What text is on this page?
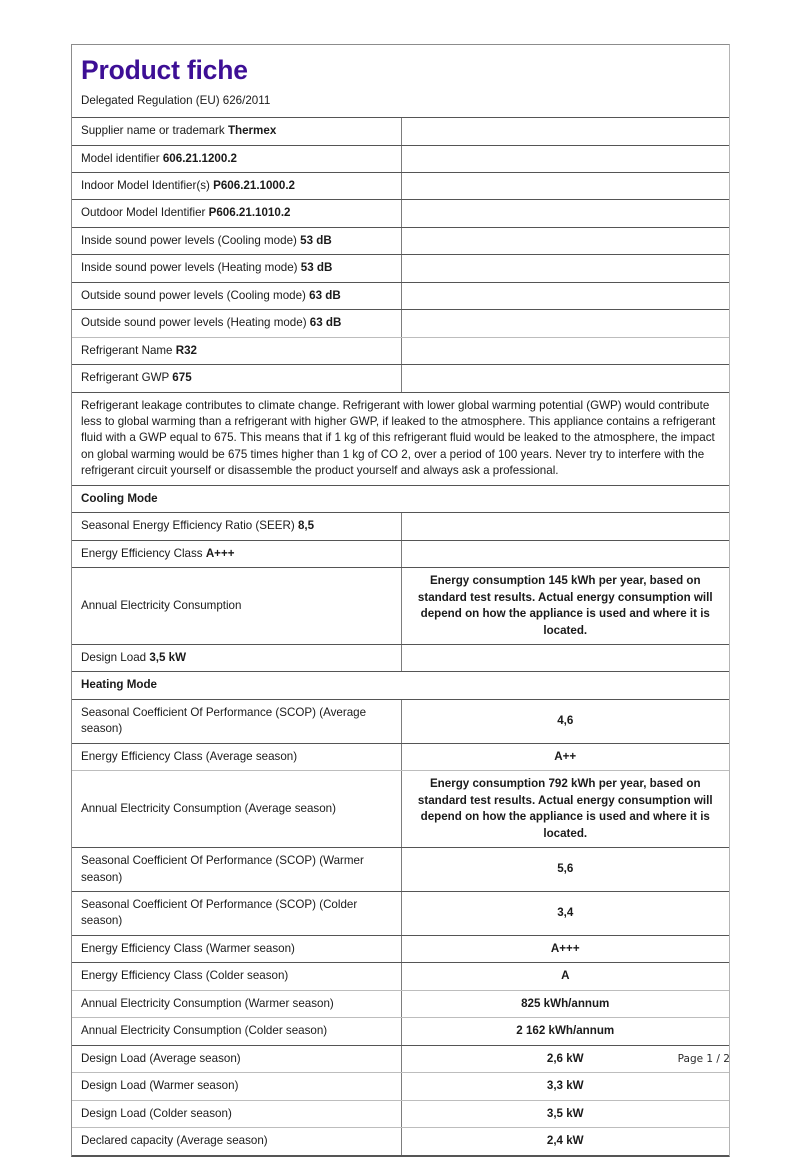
Product fiche

Delegated Regulation (EU) 626/2011

Supplier name or trademark Thermex	
Model identifier 606.21.1200.2	
Indoor Model Identifier(s) P606.21.1000.2	
Outdoor Model Identifier P606.21.1010.2	
Inside sound power levels (Cooling mode) 53 dB	
Inside sound power levels (Heating mode) 53 dB	
Outside sound power levels (Cooling mode) 63 dB	
Outside sound power levels (Heating mode) 63 dB	
Refrigerant Name R32	
Refrigerant GWP 675	
Refrigerant leakage contributes to climate change. Refrigerant with lower global warming potential (GWP) would contribute less to global warming than a refrigerant with higher GWP, if leaked to the atmosphere. This appliance contains a refrigerant fluid with a GWP equal to 675. This means that if 1 kg of this refrigerant fluid would be leaked to the atmosphere, the impact on global warming would be 675 times higher than 1 kg of CO 2, over a period of 100 years. Never try to interfere with the refrigerant circuit yourself or disassemble the product yourself and always ask a professional.	
Cooling Mode	
Seasonal Energy Efficiency Ratio (SEER) 8,5	
Energy Efficiency Class A+++	
Annual Electricity Consumption	Energy consumption 145 kWh per year, based on standard test results. Actual energy consumption will depend on how the appliance is used and where it is located.
Design Load 3,5 kW	
Heating Mode	
Seasonal Coefficient Of Performance (SCOP) (Average season)	4,6
Energy Efficiency Class (Average season)	A++
Annual Electricity Consumption (Average season)	Energy consumption 792 kWh per year, based on standard test results. Actual energy consumption will depend on how the appliance is used and where it is located.
Seasonal Coefficient Of Performance (SCOP) (Warmer season)	5,6
Seasonal Coefficient Of Performance (SCOP) (Colder season)	3,4
Energy Efficiency Class (Warmer season)	A+++
Energy Efficiency Class (Colder season)	A
Annual Electricity Consumption (Warmer season)	825 kWh/annum
Annual Electricity Consumption (Colder season)	2 162 kWh/annum
Design Load (Average season)	2,6 kW
Design Load (Warmer season)	3,3 kW
Design Load (Colder season)	3,5 kW
Declared capacity (Average season)	2,4 kW
Page 1 / 2
